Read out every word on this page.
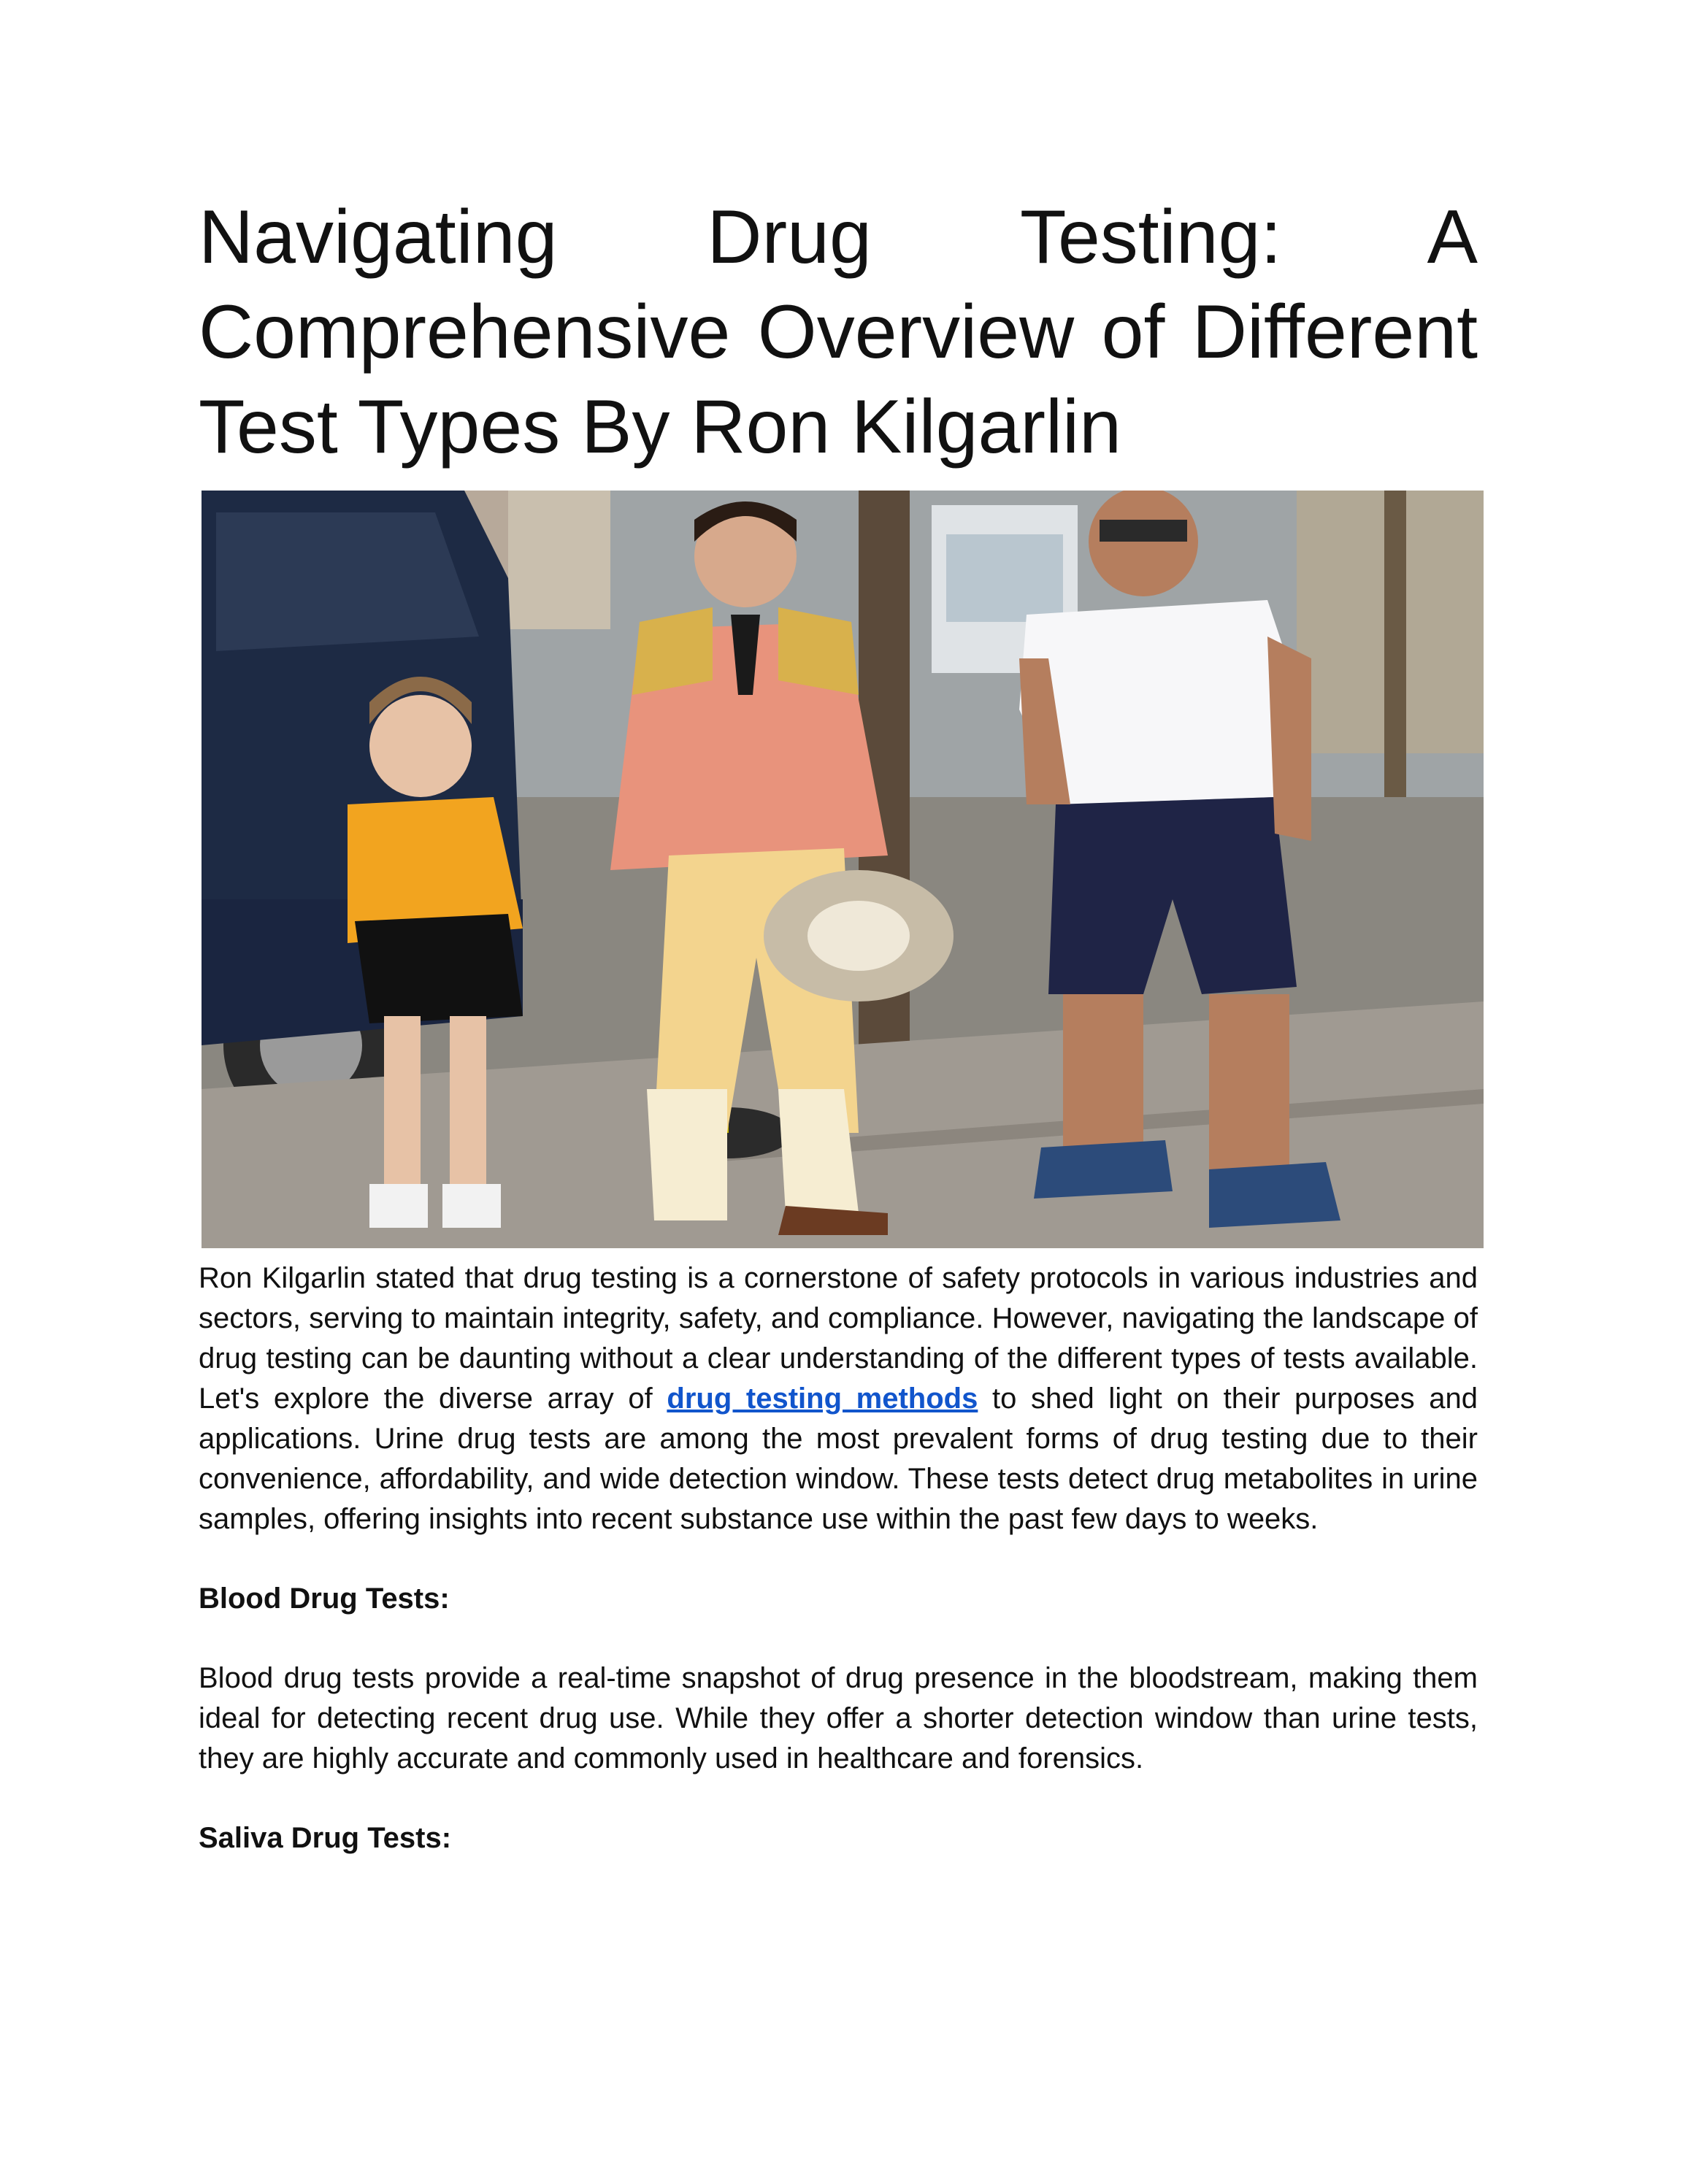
Navigating Drug Testing: A Comprehensive Overview of Different Test Types By Ron Kilgarlin

Ron Kilgarlin stated that drug testing is a cornerstone of safety protocols in various industries and sectors, serving to maintain integrity, safety, and compliance. However, navigating the landscape of drug testing can be daunting without a clear understanding of the different types of tests available. Let's explore the diverse array of drug testing methods to shed light on their purposes and applications. Urine drug tests are among the most prevalent forms of drug testing due to their convenience, affordability, and wide detection window. These tests detect drug metabolites in urine samples, offering insights into recent substance use within the past few days to weeks.

Blood Drug Tests:

Blood drug tests provide a real-time snapshot of drug presence in the bloodstream, making them ideal for detecting recent drug use. While they offer a shorter detection window than urine tests, they are highly accurate and commonly used in healthcare and forensics.

Saliva Drug Tests:
